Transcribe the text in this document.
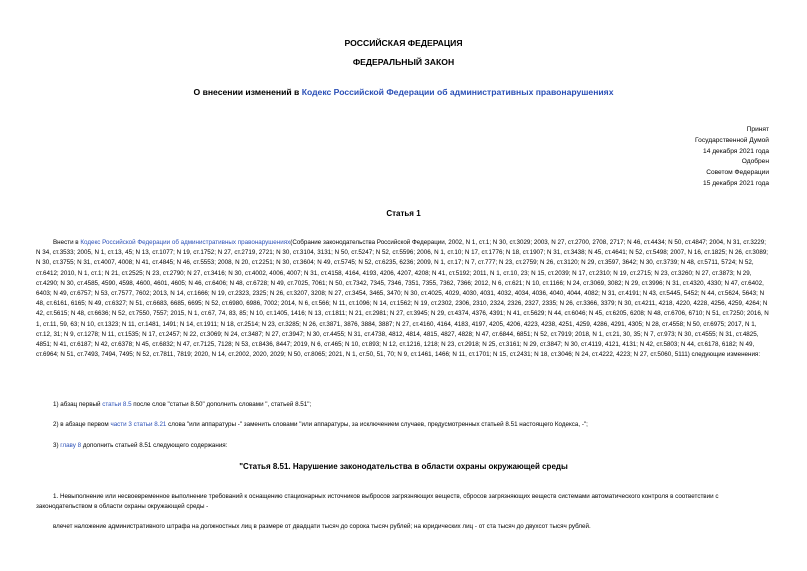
РОССИЙСКАЯ ФЕДЕРАЦИЯ
ФЕДЕРАЛЬНЫЙ ЗАКОН
О внесении изменений в Кодекс Российской Федерации об административных правонарушениях
Принят
Государственной Думой
14 декабря 2021 года
Одобрен
Советом Федерации
15 декабря 2021 года
Статья 1
Внести в Кодекс Российской Федерации об административных правонарушениях(Собрание законодательства Российской Федерации, 2002, N 1, ст.1; N 30, ст.3029; 2003, N 27, ст.2700, 2708, 2717; N 46, ст.4434; N 50, ст.4847; 2004, N 31, ст.3229; N 34, ст.3533; 2005, N 1, ст.13, 45; N 13, ст.1077; N 19, ст.1752; N 27, ст.2719, 2721; N 30, ст.3104, 3131; N 50, ст.5247; N 52, ст.5596; 2006, N 1, ст.10; N 17, ст.1776; N 18, ст.1907; N 31, ст.3438; N 45, ст.4641; N 52, ст.5498; 2007, N 16, ст.1825; N 26, ст.3089; N 30, ст.3755; N 31, ст.4007, 4008; N 41, ст.4845; N 46, ст.5553; 2008, N 20, ст.2251; N 30, ст.3604; N 49, ст.5745; N 52, ст.6235, 6236; 2009, N 1, ст.17; N 7, ст.777; N 23, ст.2759; N 26, ст.3120; N 29, ст.3597, 3642; N 30, ст.3739; N 48, ст.5711, 5724; N 52, ст.6412; 2010, N 1, ст.1; N 21, ст.2525; N 23, ст.2790; N 27, ст.3416; N 30, ст.4002, 4006, 4007; N 31, ст.4158, 4164, 4193, 4206, 4207, 4208; N 41, ст.5192; 2011, N 1, ст.10, 23; N 15, ст.2039; N 17, ст.2310; N 19, ст.2715; N 23, ст.3260; N 27, ст.3873; N 29, ст.4290; N 30, ст.4585, 4590, 4598, 4600, 4601, 4605; N 46, ст.6406; N 48, ст.6728; N 49, ст.7025, 7061; N 50, ст.7342, 7345, 7346, 7351, 7355, 7362, 7366; 2012, N 6, ст.621; N 10, ст.1166; N 24, ст.3069, 3082; N 29, ст.3996; N 31, ст.4320, 4330; N 47, ст.6402, 6403; N 49, ст.6757; N 53, ст.7577, 7602; 2013, N 14, ст.1666; N 19, ст.2323, 2325; N 26, ст.3207, 3208; N 27, ст.3454, 3465, 3470; N 30, ст.4025, 4029, 4030, 4031, 4032, 4034, 4036, 4040, 4044, 4082; N 31, ст.4191; N 43, ст.5445, 5452; N 44, ст.5624, 5643; N 48, ст.6161, 6165; N 49, ст.6327; N 51, ст.6683, 6685, 6695; N 52, ст.6980, 6986, 7002; 2014, N 6, ст.566; N 11, ст.1096; N 14, ст.1562; N 19, ст.2302, 2306, 2310, 2324, 2326, 2327, 2335; N 26, ст.3366, 3379; N 30, ст.4211, 4218, 4220, 4228, 4256, 4259, 4264; N 42, ст.5615; N 48, ст.6636; N 52, ст.7550, 7557; 2015, N 1, ст.67, 74, 83, 85; N 10, ст.1405, 1416; N 13, ст.1811; N 21, ст.2981; N 27, ст.3945; N 29, ст.4374, 4376, 4391; N 41, ст.5629; N 44, ст.6046; N 45, ст.6205, 6208; N 48, ст.6706, 6710; N 51, ст.7250; 2016, N 1, ст.11, 59, 63; N 10, ст.1323; N 11, ст.1481, 1491; N 14, ст.1911; N 18, ст.2514; N 23, ст.3285; N 26, ст.3871, 3876, 3884, 3887; N 27, ст.4160, 4164, 4183, 4197, 4205, 4206, 4223, 4238, 4251, 4259, 4286, 4291, 4305; N 28, ст.4558; N 50, ст.6975; 2017, N 1, ст.12, 31; N 9, ст.1278; N 11, ст.1535; N 17, ст.2457; N 22, ст.3069; N 24, ст.3487; N 27, ст.3947; N 30, ст.4455; N 31, ст.4738, 4812, 4814, 4815, 4827, 4828; N 47, ст.6844, 6851; N 52, ст.7919; 2018, N 1, ст.21, 30, 35; N 7, ст.973; N 30, ст.4555; N 31, ст.4825, 4851; N 41, ст.6187; N 42, ст.6378; N 45, ст.6832; N 47, ст.7125, 7128; N 53, ст.8436, 8447; 2019, N 6, ст.465; N 10, ст.893; N 12, ст.1216, 1218; N 23, ст.2918; N 25, ст.3161; N 29, ст.3847; N 30, ст.4119, 4121, 4131; N 42, ст.5803; N 44, ст.6178, 6182; N 49, ст.6964; N 51, ст.7493, 7494, 7495; N 52, ст.7811, 7819; 2020, N 14, ст.2002, 2020, 2029; N 50, ст.8065; 2021, N 1, ст.50, 51, 70; N 9, ст.1461, 1466; N 11, ст.1701; N 15, ст.2431; N 18, ст.3046; N 24, ст.4222, 4223; N 27, ст.5060, 5111) следующие изменения:
1) абзац первый статьи 8.5 после слов "статьи 8.50" дополнить словами ", статьей 8.51";
2) в абзаце первом части 3 статьи 8.21 слова "или аппаратуры -" заменить словами "или аппаратуры, за исключением случаев, предусмотренных статьей 8.51 настоящего Кодекса, -";
3) главу 8 дополнить статьей 8.51 следующего содержания:
"Статья 8.51. Нарушение законодательства в области охраны окружающей среды
1. Невыполнение или несвоевременное выполнение требований к оснащению стационарных источников выбросов загрязняющих веществ, сбросов загрязняющих веществ системами автоматического контроля в соответствии с законодательством в области охраны окружающей среды -
влечет наложение административного штрафа на должностных лиц в размере от двадцати тысяч до сорока тысяч рублей; на юридических лиц - от ста тысяч до двухсот тысяч рублей.
